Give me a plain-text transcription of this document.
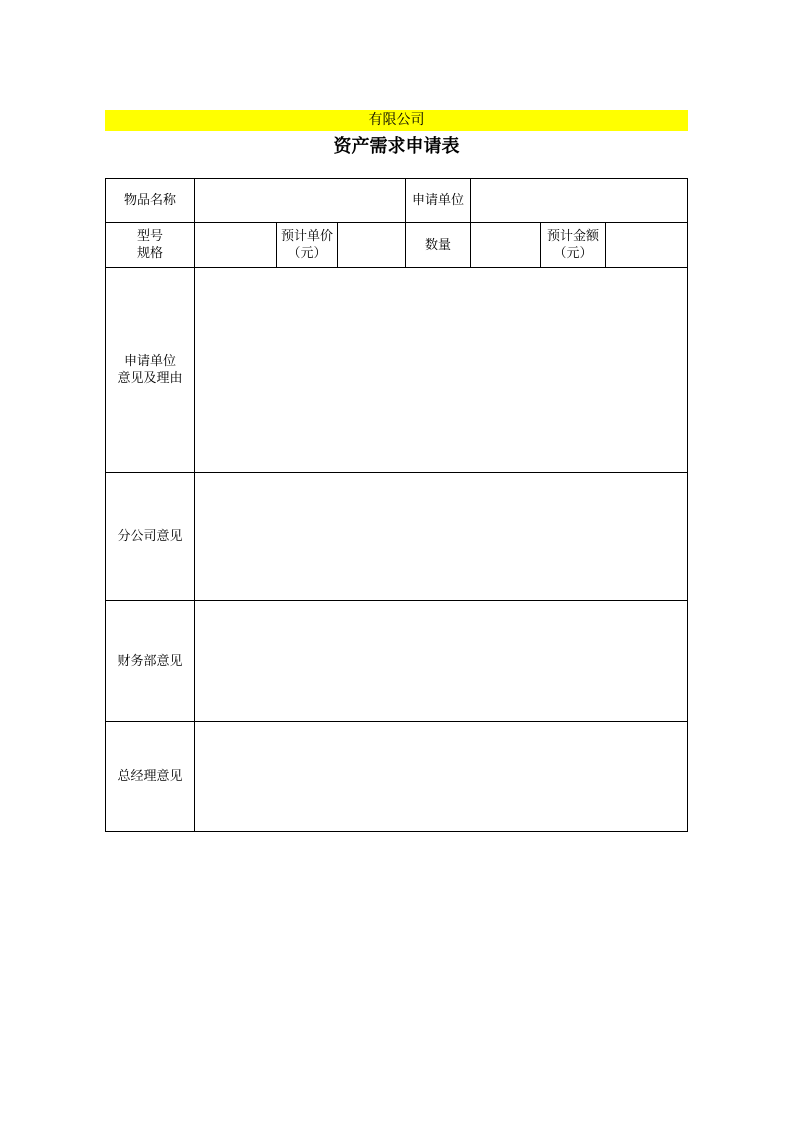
有限公司
资产需求申请表
物品名称	申请单位
型号
规格
预计单价
（元）
数量
预计金额
（元）
申请单位
意见及理由
分公司意见
财务部意见
总经理意见
